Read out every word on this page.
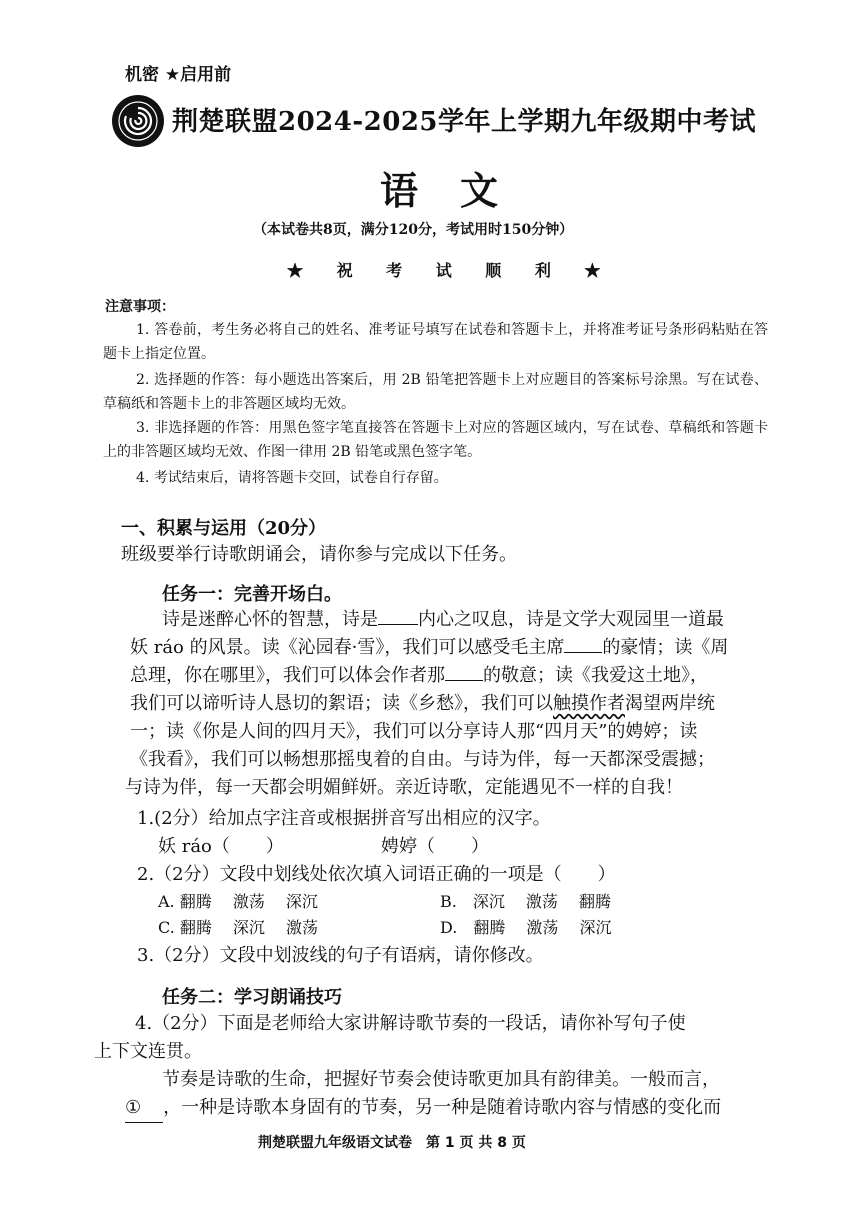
机密 ★启用前
荆楚联盟2024-2025学年上学期九年级期中考试
语文
（本试卷共8页，满分120分，考试用时150分钟）
★ 祝 考 试 顺 利 ★
注意事项：

1. 答卷前，考生务必将自己的姓名、准考证号填写在试卷和答题卡上，并将准考证号条形码粘贴在答题卡上指定位置。

2. 选择题的作答：每小题选出答案后，用 2B 铅笔把答题卡上对应题目的答案标号涂黑。写在试卷、草稿纸和答题卡上的非答题区域均无效。

3. 非选择题的作答：用黑色签字笔直接答在答题卡上对应的答题区域内，写在试卷、草稿纸和答题卡上的非答题区域均无效、作图一律用 2B 铅笔或黑色签字笔。

4. 考试结束后，请将答题卡交回，试卷自行存留。

一、积累与运用（20分）
班级要举行诗歌朗诵会，请你参与完成以下任务。
任务一：完善开场白。
诗是迷醉心怀的智慧，诗是 内心之叹息，诗是文学大观园里一道最
妖 ráo 的风景。读《沁园春·雪》，我们可以感受毛主席 的豪情；读《周
总理，你在哪里》，我们可以体会作者那 的敬意；读《我爱这土地》，
我们可以谛听诗人恳切的絮语；读《乡愁》，我们可以触摸作者渴望两岸统
一；读《你是人间的四月天》，我们可以分享诗人那“四月天”的娉婷；读
《我看》，我们可以畅想那摇曳着的自由。与诗为伴，每一天都深受震撼；
与诗为伴，每一天都会明媚鲜妍。亲近诗歌，定能遇见不一样的自我！
1.(2分）给加点字注音或根据拼音写出相应的汉字。
妖 ráo（　　）	娉婷（　　）
2.（2分）文段中划线处依次填入词语正确的一项是（　　）
A. 翻腾　 激荡　 深沉	B.　深沉　 激荡　 翻腾
C. 翻腾　 深沉　 激荡	D.　翻腾　 激荡　 深沉
3.（2分）文段中划波线的句子有语病，请你修改。
任务二：学习朗诵技巧
4.（2分）下面是老师给大家讲解诗歌节奏的一段话，请你补写句子使
上下文连贯。
节奏是诗歌的生命，把握好节奏会使诗歌更加具有韵律美。一般而言，
① ，一种是诗歌本身固有的节奏，另一种是随着诗歌内容与情感的变化而
荆楚联盟九年级语文试卷　第 1 页 共 8 页
